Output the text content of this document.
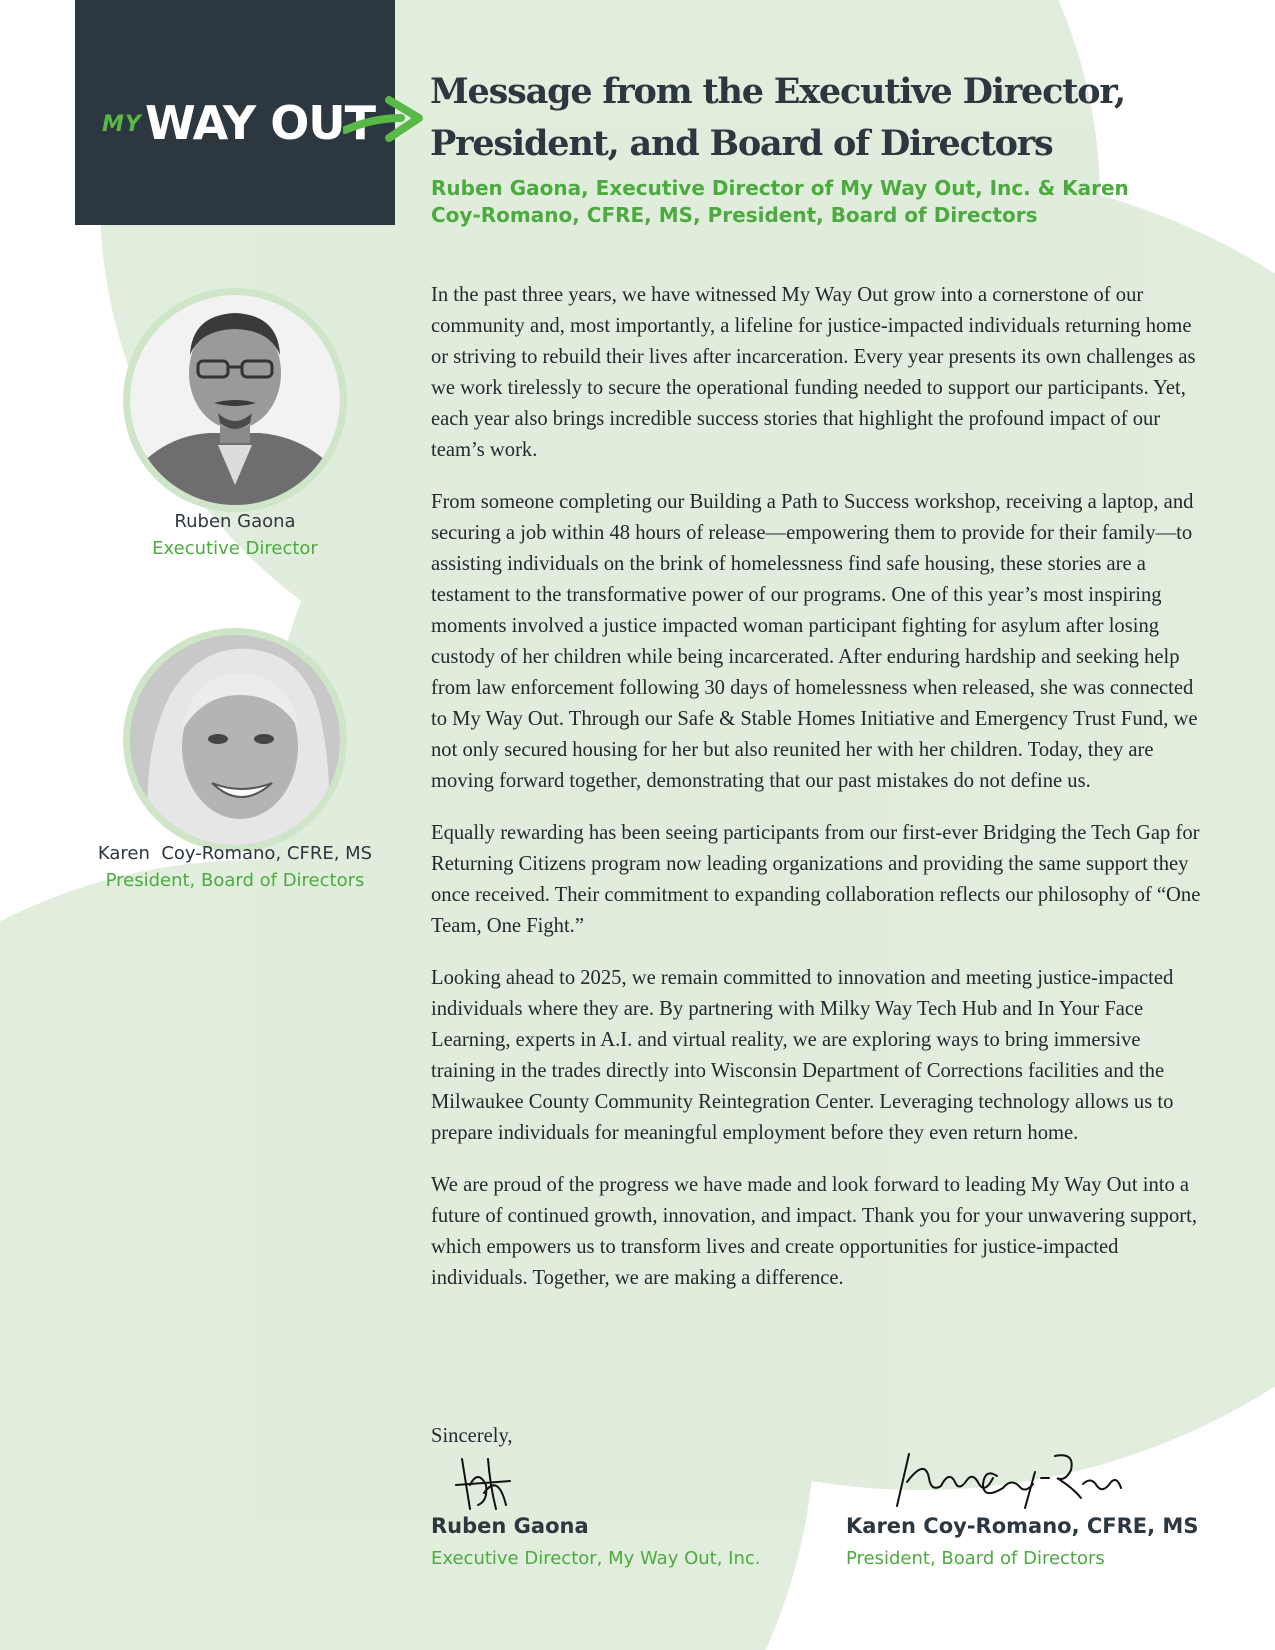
MY WAY OUT
Message from the Executive Director,
President, and Board of Directors
Ruben Gaona, Executive Director of My Way Out, Inc. & Karen
Coy-Romano, CFRE, MS, President, Board of Directors
Ruben Gaona
Executive Director
Karen  Coy-Romano, CFRE, MS
President, Board of Directors

In the past three years, we have witnessed My Way Out grow into a cornerstone of our community and, most importantly, a lifeline for justice-impacted individuals returning home or striving to rebuild their lives after incarceration. Every year presents its own challenges as we work tirelessly to secure the operational funding needed to support our participants. Yet, each year also brings incredible success stories that highlight the profound impact of our team’s work.

From someone completing our Building a Path to Success workshop, receiving a laptop, and securing a job within 48 hours of release—empowering them to provide for their family—to assisting individuals on the brink of homelessness find safe housing, these stories are a testament to the transformative power of our programs. One of this year’s most inspiring moments involved a justice impacted woman participant fighting for asylum after losing custody of her children while being incarcerated. After enduring hardship and seeking help from law enforcement following 30 days of homelessness when released, she was connected to My Way Out. Through our Safe & Stable Homes Initiative and Emergency Trust Fund, we not only secured housing for her but also reunited her with her children. Today, they are moving forward together, demonstrating that our past mistakes do not define us.

Equally rewarding has been seeing participants from our first-ever Bridging the Tech Gap for Returning Citizens program now leading organizations and providing the same support they once received. Their commitment to expanding collaboration reflects our philosophy of “One Team, One Fight.”

Looking ahead to 2025, we remain committed to innovation and meeting justice-impacted individuals where they are. By partnering with Milky Way Tech Hub and In Your Face Learning, experts in A.I. and virtual reality, we are exploring ways to bring immersive training in the trades directly into Wisconsin Department of Corrections facilities and the Milwaukee County Community Reintegration Center. Leveraging technology allows us to prepare individuals for meaningful employment before they even return home.

We are proud of the progress we have made and look forward to leading My Way Out into a future of continued growth, innovation, and impact. Thank you for your unwavering support, which empowers us to transform lives and create opportunities for justice-impacted individuals. Together, we are making a difference.

Sincerely,
Ruben Gaona
Executive Director, My Way Out, Inc.
Karen Coy-Romano, CFRE, MS
President, Board of Directors
